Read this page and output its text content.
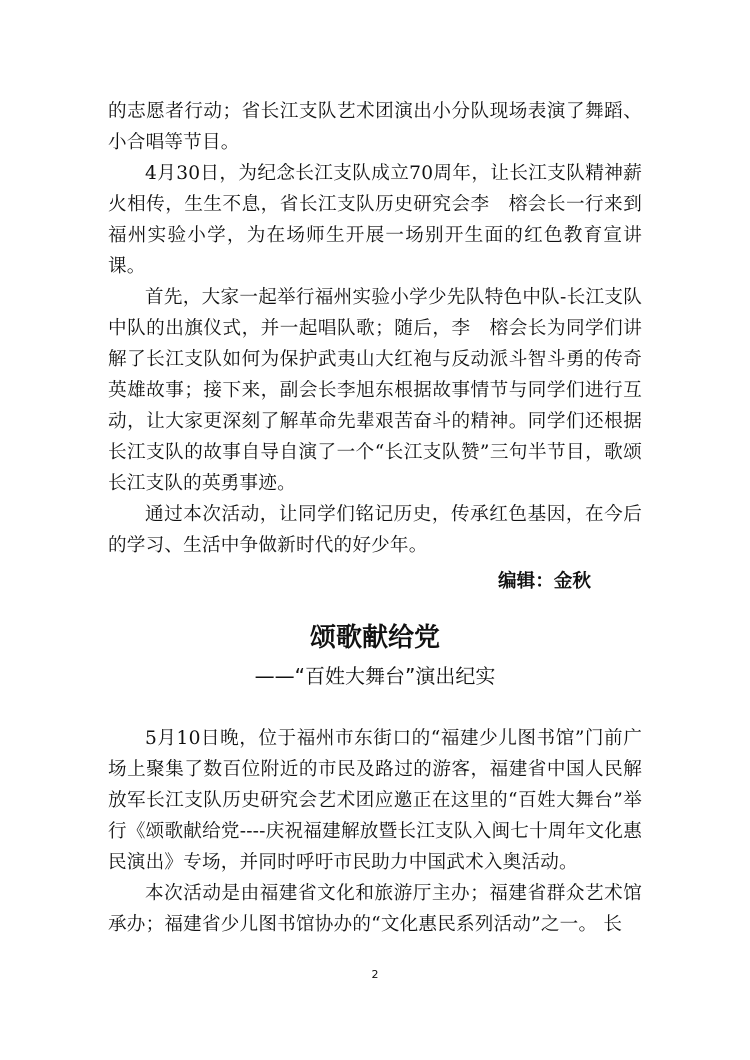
的志愿者行动；省长江支队艺术团演出小分队现场表演了舞蹈、小合唱等节目。

4月30日，为纪念长江支队成立70周年，让长江支队精神薪火相传，生生不息，省长江支队历史研究会李　榕会长一行来到福州实验小学，为在场师生开展一场别开生面的红色教育宣讲课。

首先，大家一起举行福州实验小学少先队特色中队-长江支队中队的出旗仪式，并一起唱队歌；随后，李　榕会长为同学们讲解了长江支队如何为保护武夷山大红袍与反动派斗智斗勇的传奇英雄故事；接下来，副会长李旭东根据故事情节与同学们进行互动，让大家更深刻了解革命先辈艰苦奋斗的精神。同学们还根据长江支队的故事自导自演了一个“长江支队赞”三句半节目，歌颂长江支队的英勇事迹。

通过本次活动，让同学们铭记历史，传承红色基因，在今后的学习、生活中争做新时代的好少年。

编辑：金秋
颂歌献给党
——“百姓大舞台”演出纪实

5月10日晚，位于福州市东街口的“福建少儿图书馆”门前广场上聚集了数百位附近的市民及路过的游客，福建省中国人民解放军长江支队历史研究会艺术团应邀正在这里的“百姓大舞台”举行《颂歌献给党----庆祝福建解放暨长江支队入闽七十周年文化惠民演出》专场，并同时呼吁市民助力中国武术入奥活动。

本次活动是由福建省文化和旅游厅主办；福建省群众艺术馆承办；福建省少儿图书馆协办的“文化惠民系列活动”之一。 长

2
